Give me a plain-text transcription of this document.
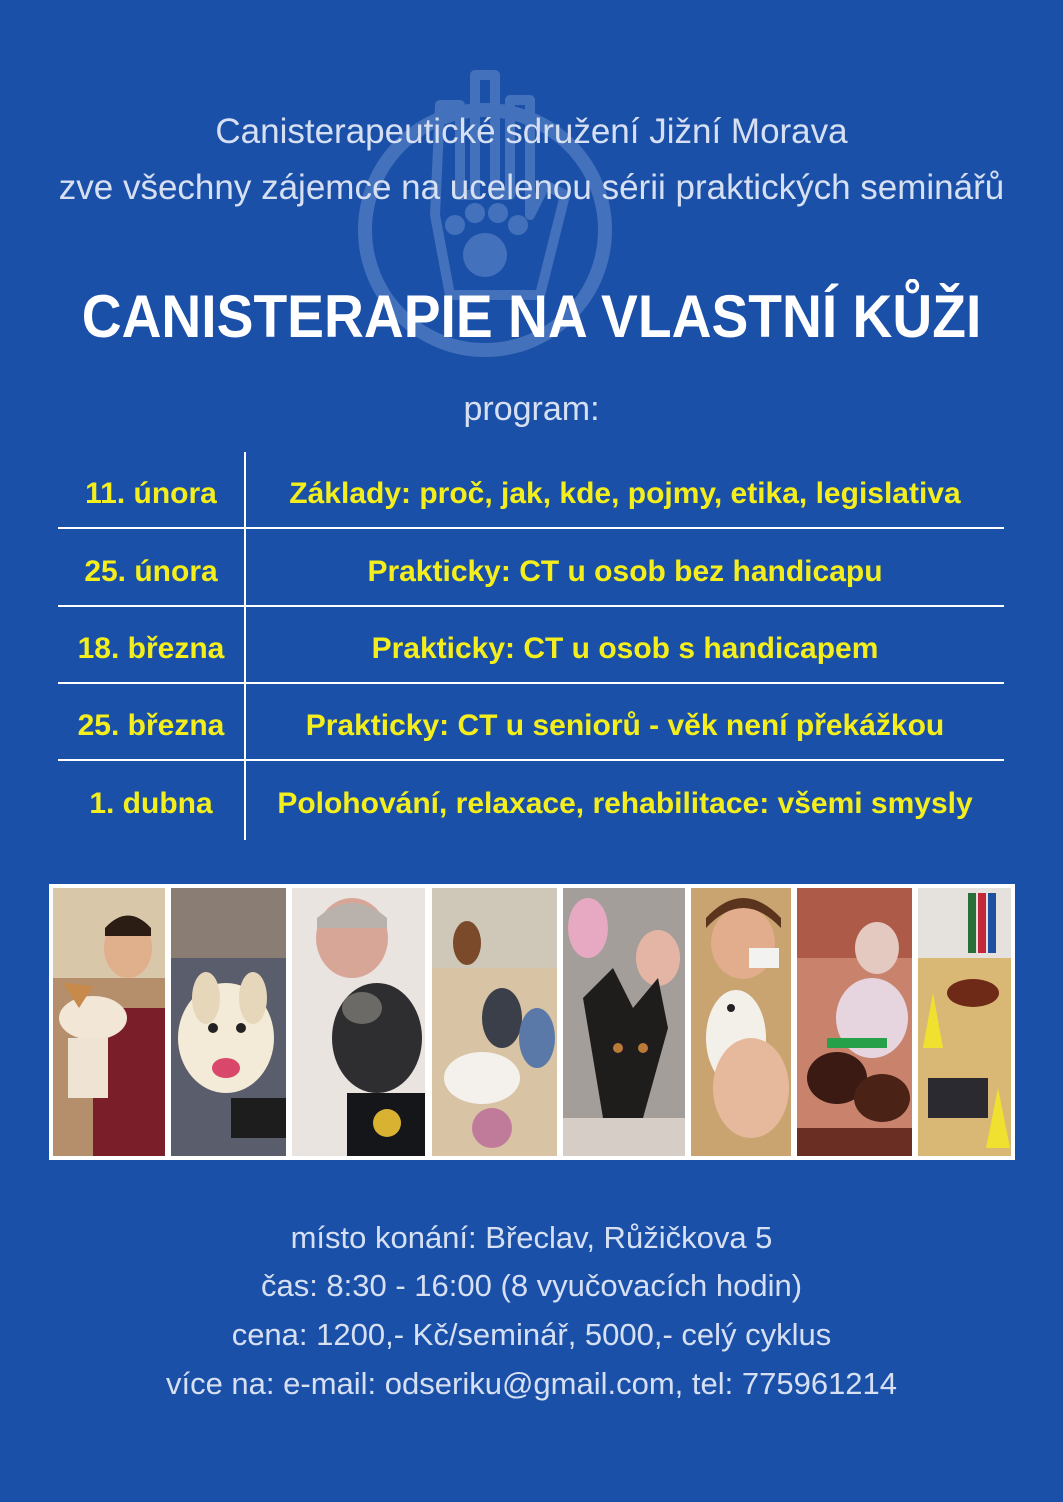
Canisterapeutické sdružení Jižní Morava
zve všechny zájemce na ucelenou sérii praktických seminářů
CANISTERAPIE NA VLASTNÍ KŮŽI
program:
11. února	Základy: proč, jak, kde, pojmy, etika, legislativa
25. února	Prakticky: CT u osob bez handicapu
18. března	Prakticky: CT u osob s handicapem
25. března	Prakticky: CT u seniorů - věk není překážkou
1. dubna	Polohování, relaxace, rehabilitace: všemi smysly
místo konání: Břeclav, Růžičkova 5
čas: 8:30 - 16:00 (8 vyučovacích hodin)
cena: 1200,- Kč/seminář, 5000,- celý cyklus
více na: e-mail: odseriku@gmail.com, tel: 775961214
